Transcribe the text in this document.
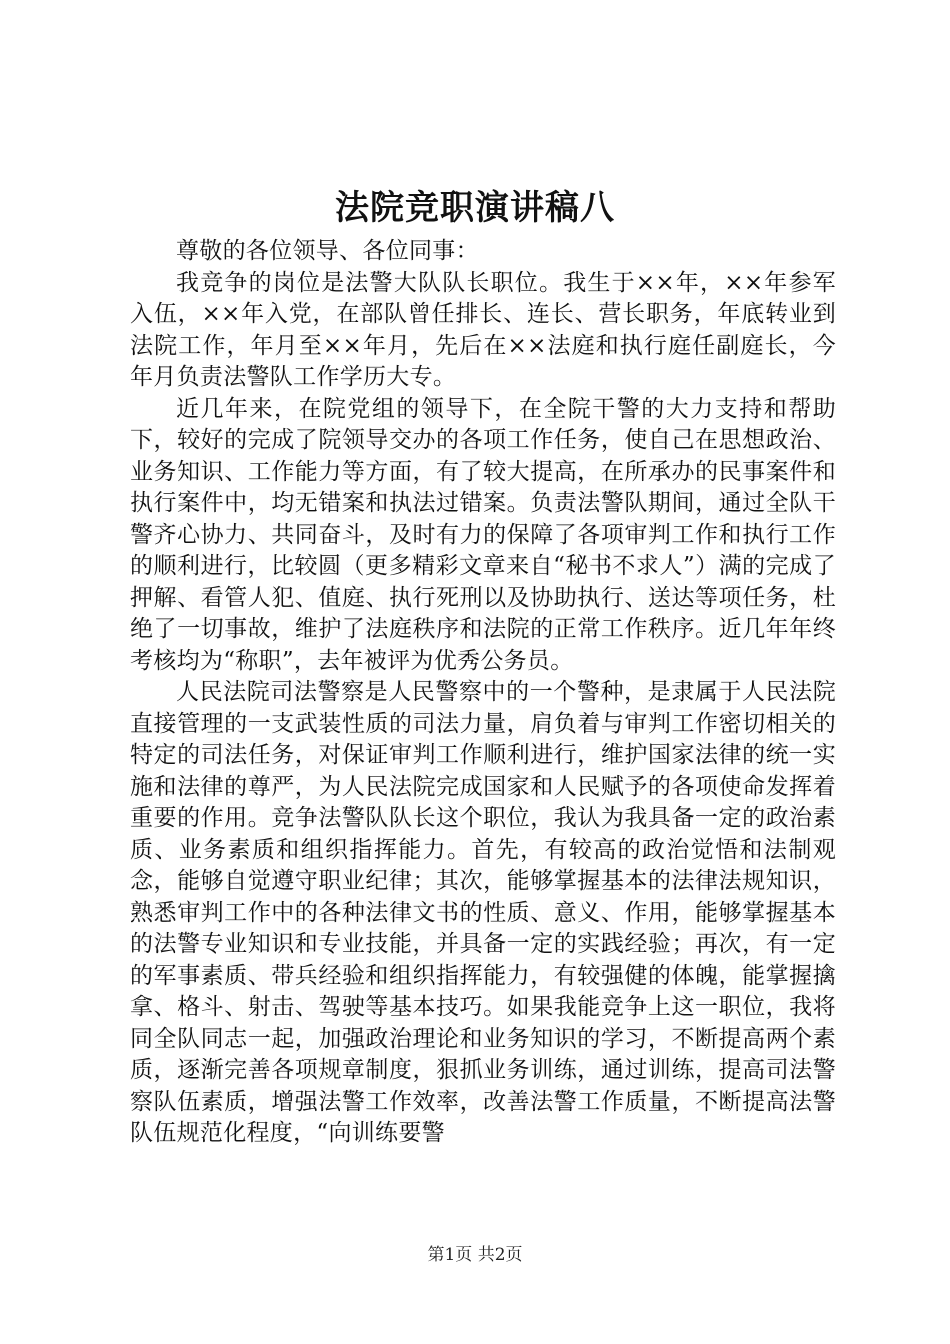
法院竞职演讲稿八

尊敬的各位领导、各位同事：

我竞争的岗位是法警大队队长职位。我生于××年，××年参军入伍，××年入党，在部队曾任排长、连长、营长职务，年底转业到法院工作，年月至××年月，先后在××法庭和执行庭任副庭长，今年月负责法警队工作学历大专。

近几年来，在院党组的领导下，在全院干警的大力支持和帮助下，较好的完成了院领导交办的各项工作任务，使自己在思想政治、业务知识、工作能力等方面，有了较大提高，在所承办的民事案件和执行案件中，均无错案和执法过错案。负责法警队期间，通过全队干警齐心协力、共同奋斗，及时有力的保障了各项审判工作和执行工作的顺利进行，比较圆（更多精彩文章来自“秘书不求人”）满的完成了押解、看管人犯、值庭、执行死刑以及协助执行、送达等项任务，杜绝了一切事故，维护了法庭秩序和法院的正常工作秩序。近几年年终考核均为“称职”，去年被评为优秀公务员。

人民法院司法警察是人民警察中的一个警种，是隶属于人民法院直接管理的一支武装性质的司法力量，肩负着与审判工作密切相关的特定的司法任务，对保证审判工作顺利进行，维护国家法律的统一实施和法律的尊严，为人民法院完成国家和人民赋予的各项使命发挥着重要的作用。竞争法警队队长这个职位，我认为我具备一定的政治素质、业务素质和组织指挥能力。首先，有较高的政治觉悟和法制观念，能够自觉遵守职业纪律；其次，能够掌握基本的法律法规知识，熟悉审判工作中的各种法律文书的性质、意义、作用，能够掌握基本的法警专业知识和专业技能，并具备一定的实践经验；再次，有一定的军事素质、带兵经验和组织指挥能力，有较强健的体魄，能掌握擒拿、格斗、射击、驾驶等基本技巧。如果我能竞争上这一职位，我将同全队同志一起，加强政治理论和业务知识的学习，不断提高两个素质，逐渐完善各项规章制度，狠抓业务训练，通过训练，提高司法警察队伍素质，增强法警工作效率，改善法警工作质量，不断提高法警队伍规范化程度，“向训练要警

第1页 共2页
